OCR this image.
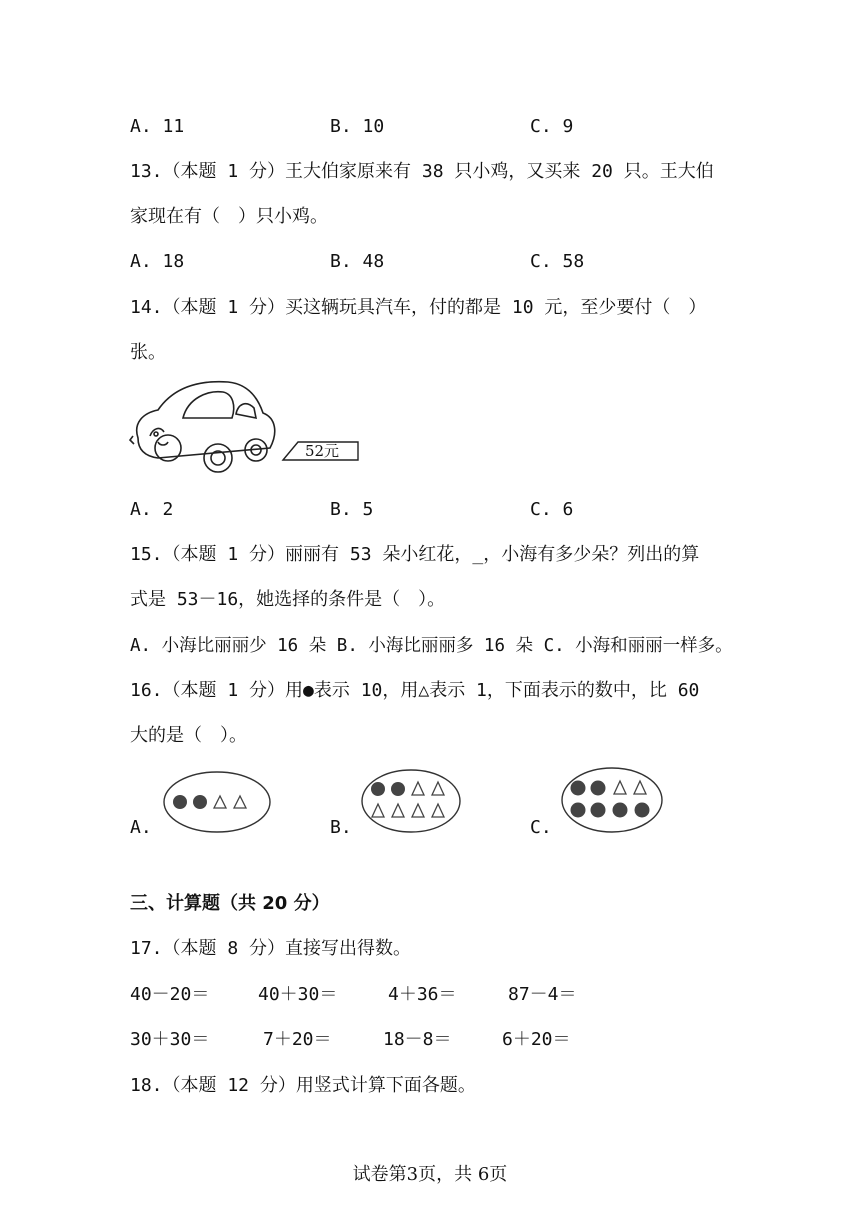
A. 11	B. 10	C. 9
13.（本题 1 分）王大伯家原来有 38 只小鸡，又买来 20 只。王大伯
家现在有（　）只小鸡。
A. 18	B. 48	C. 58
14.（本题 1 分）买这辆玩具汽车，付的都是 10 元，至少要付（　）
张。
52元
A. 2	B. 5	C. 6
15.（本题 1 分）丽丽有 53 朵小红花，_，小海有多少朵？列出的算
式是 53－16，她选择的条件是（　）。
A. 小海比丽丽少 16 朵 B. 小海比丽丽多 16 朵 C. 小海和丽丽一样多。
16.（本题 1 分）用●表示 10，用△表示 1，下面表示的数中，比 60
大的是（　）。
A.	B.	C.
三、计算题（共 20 分）
17.（本题 8 分）直接写出得数。
40－20＝	40＋30＝	4＋36＝	87－4＝
30＋30＝	7＋20＝	18－8＝	6＋20＝
18.（本题 12 分）用竖式计算下面各题。
试卷第3页，共 6页
